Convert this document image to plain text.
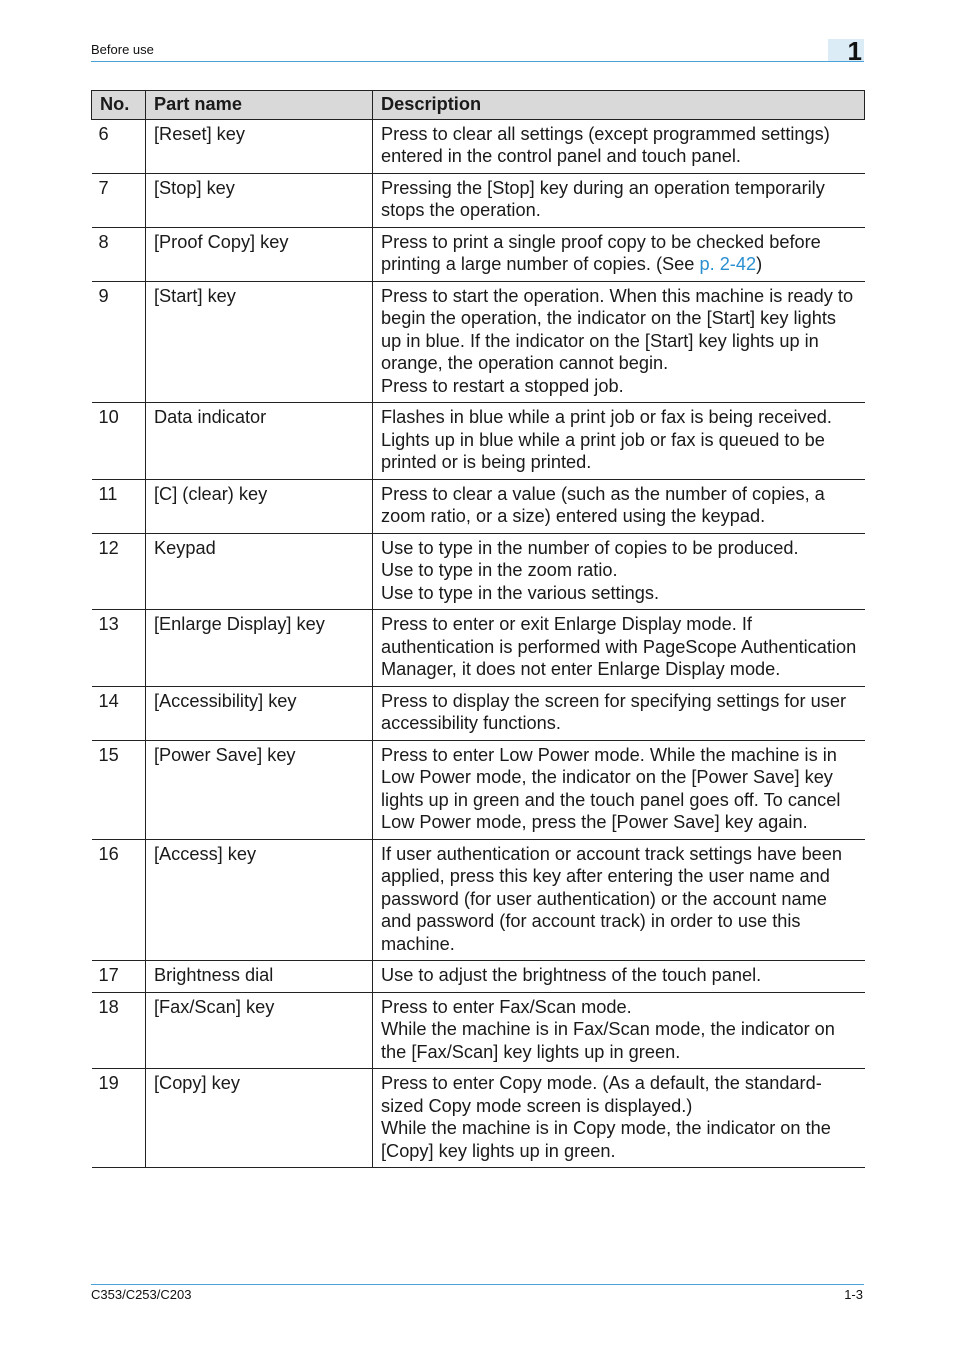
Before use	1
No.	Part name	Description
6	[Reset] key	Press to clear all settings (except programmed settings) entered in the control panel and touch panel.

7	[Stop] key	Pressing the [Stop] key during an operation temporarily stops the operation.

8	[Proof Copy] key	Press to print a single proof copy to be checked before printing a large number of copies. (See p. 2-42)

9	[Start] key	Press to start the operation. When this machine is ready to begin the operation, the indicator on the [Start] key lights up in blue. If the indicator on the [Start] key lights up in orange, the operation cannot begin.
Press to restart a stopped job.

10	Data indicator	Flashes in blue while a print job or fax is being received.
Lights up in blue while a print job or fax is queued to be printed or is being printed.

11	[C] (clear) key	Press to clear a value (such as the number of copies, a zoom ratio, or a size) entered using the keypad.

12	Keypad	Use to type in the number of copies to be produced.
Use to type in the zoom ratio.
Use to type in the various settings.

13	[Enlarge Display] key	Press to enter or exit Enlarge Display mode. If authentication is performed with PageScope Authentication Manager, it does not enter Enlarge Display mode.

14	[Accessibility] key	Press to display the screen for specifying settings for user accessibility functions.

15	[Power Save] key	Press to enter Low Power mode. While the machine is in Low Power mode, the indicator on the [Power Save] key lights up in green and the touch panel goes off. To cancel Low Power mode, press the [Power Save] key again.

16	[Access] key	If user authentication or account track settings have been applied, press this key after entering the user name and password (for user authentication) or the account name and password (for account track) in order to use this machine.

17	Brightness dial	Use to adjust the brightness of the touch panel.

18	[Fax/Scan] key	Press to enter Fax/Scan mode.
While the machine is in Fax/Scan mode, the indicator on the [Fax/Scan] key lights up in green.

19	[Copy] key	Press to enter Copy mode. (As a default, the standard-sized Copy mode screen is displayed.)
While the machine is in Copy mode, the indicator on the [Copy] key lights up in green.
C353/C253/C203	1-3
